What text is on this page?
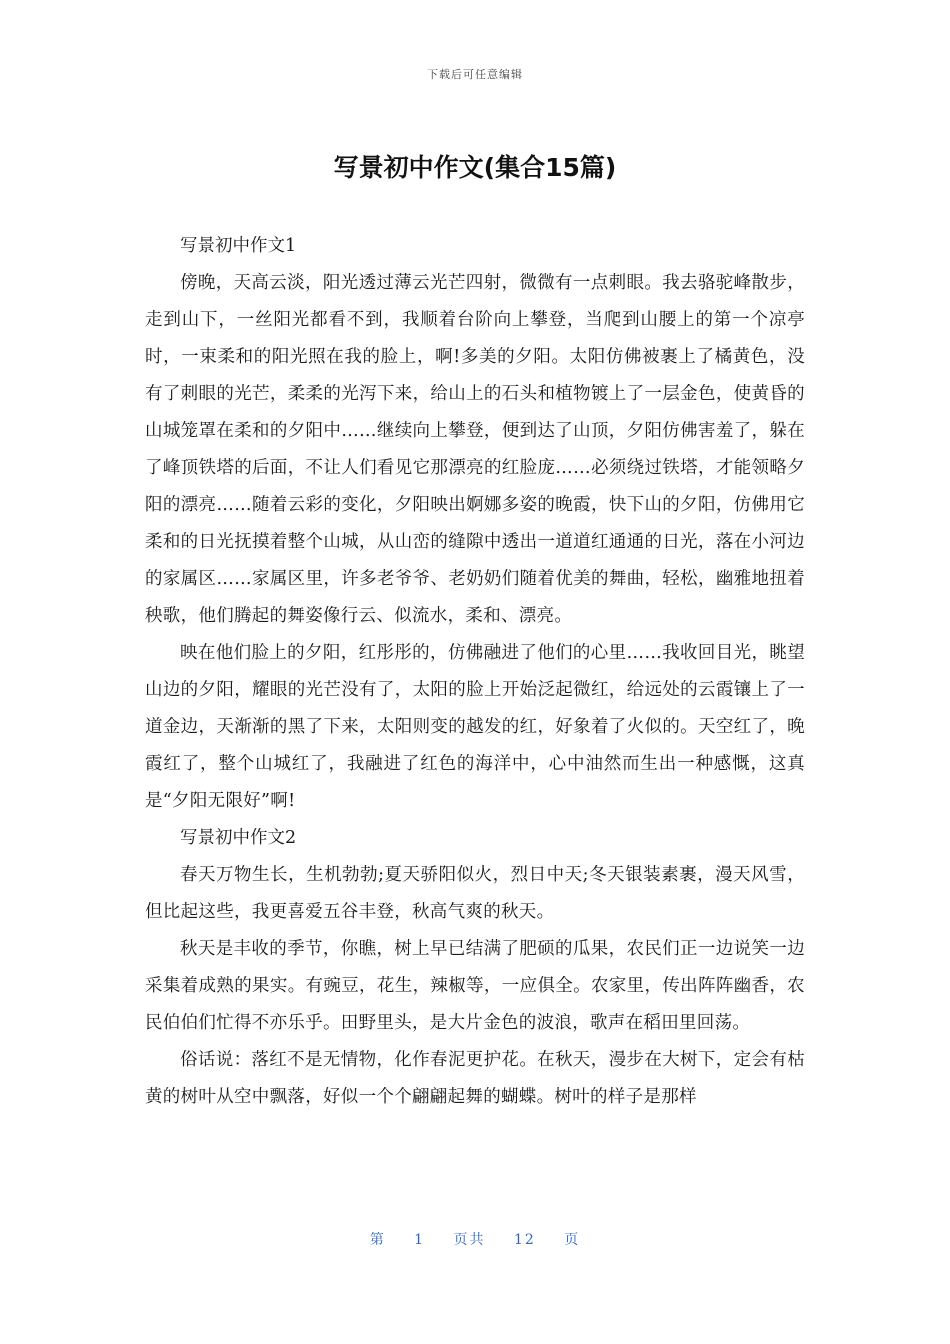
下载后可任意编辑
写景初中作文(集合15篇)

写景初中作文1

傍晚，天高云淡，阳光透过薄云光芒四射，微微有一点刺眼。我去骆驼峰散步，走到山下，一丝阳光都看不到，我顺着台阶向上攀登，当爬到山腰上的第一个凉亭时，一束柔和的阳光照在我的脸上，啊!多美的夕阳。太阳仿佛被裹上了橘黄色，没有了刺眼的光芒，柔柔的光泻下来，给山上的石头和植物镀上了一层金色，使黄昏的山城笼罩在柔和的夕阳中……继续向上攀登，便到达了山顶，夕阳仿佛害羞了，躲在了峰顶铁塔的后面，不让人们看见它那漂亮的红脸庞……必须绕过铁塔，才能领略夕阳的漂亮……随着云彩的变化，夕阳映出婀娜多姿的晚霞，快下山的夕阳，仿佛用它柔和的日光抚摸着整个山城，从山峦的缝隙中透出一道道红通通的日光，落在小河边的家属区……家属区里，许多老爷爷、老奶奶们随着优美的舞曲，轻松，幽雅地扭着秧歌，他们腾起的舞姿像行云、似流水，柔和、漂亮。

映在他们脸上的夕阳，红彤彤的，仿佛融进了他们的心里……我收回目光，眺望山边的夕阳，耀眼的光芒没有了，太阳的脸上开始泛起微红，给远处的云霞镶上了一道金边，天渐渐的黑了下来，太阳则变的越发的红，好象着了火似的。天空红了，晚霞红了，整个山城红了，我融进了红色的海洋中，心中油然而生出一种感慨，这真是“夕阳无限好”啊!

写景初中作文2

春天万物生长，生机勃勃;夏天骄阳似火，烈日中天;冬天银装素裹，漫天风雪，但比起这些，我更喜爱五谷丰登，秋高气爽的秋天。

秋天是丰收的季节，你瞧，树上早已结满了肥硕的瓜果，农民们正一边说笑一边采集着成熟的果实。有豌豆，花生，辣椒等，一应俱全。农家里，传出阵阵幽香，农民伯伯们忙得不亦乐乎。田野里头，是大片金色的波浪，歌声在稻田里回荡。

俗话说：落红不是无情物，化作春泥更护花。在秋天，漫步在大树下，定会有枯黄的树叶从空中飘落，好似一个个翩翩起舞的蝴蝶。树叶的样子是那样

第 1 页共 12 页
